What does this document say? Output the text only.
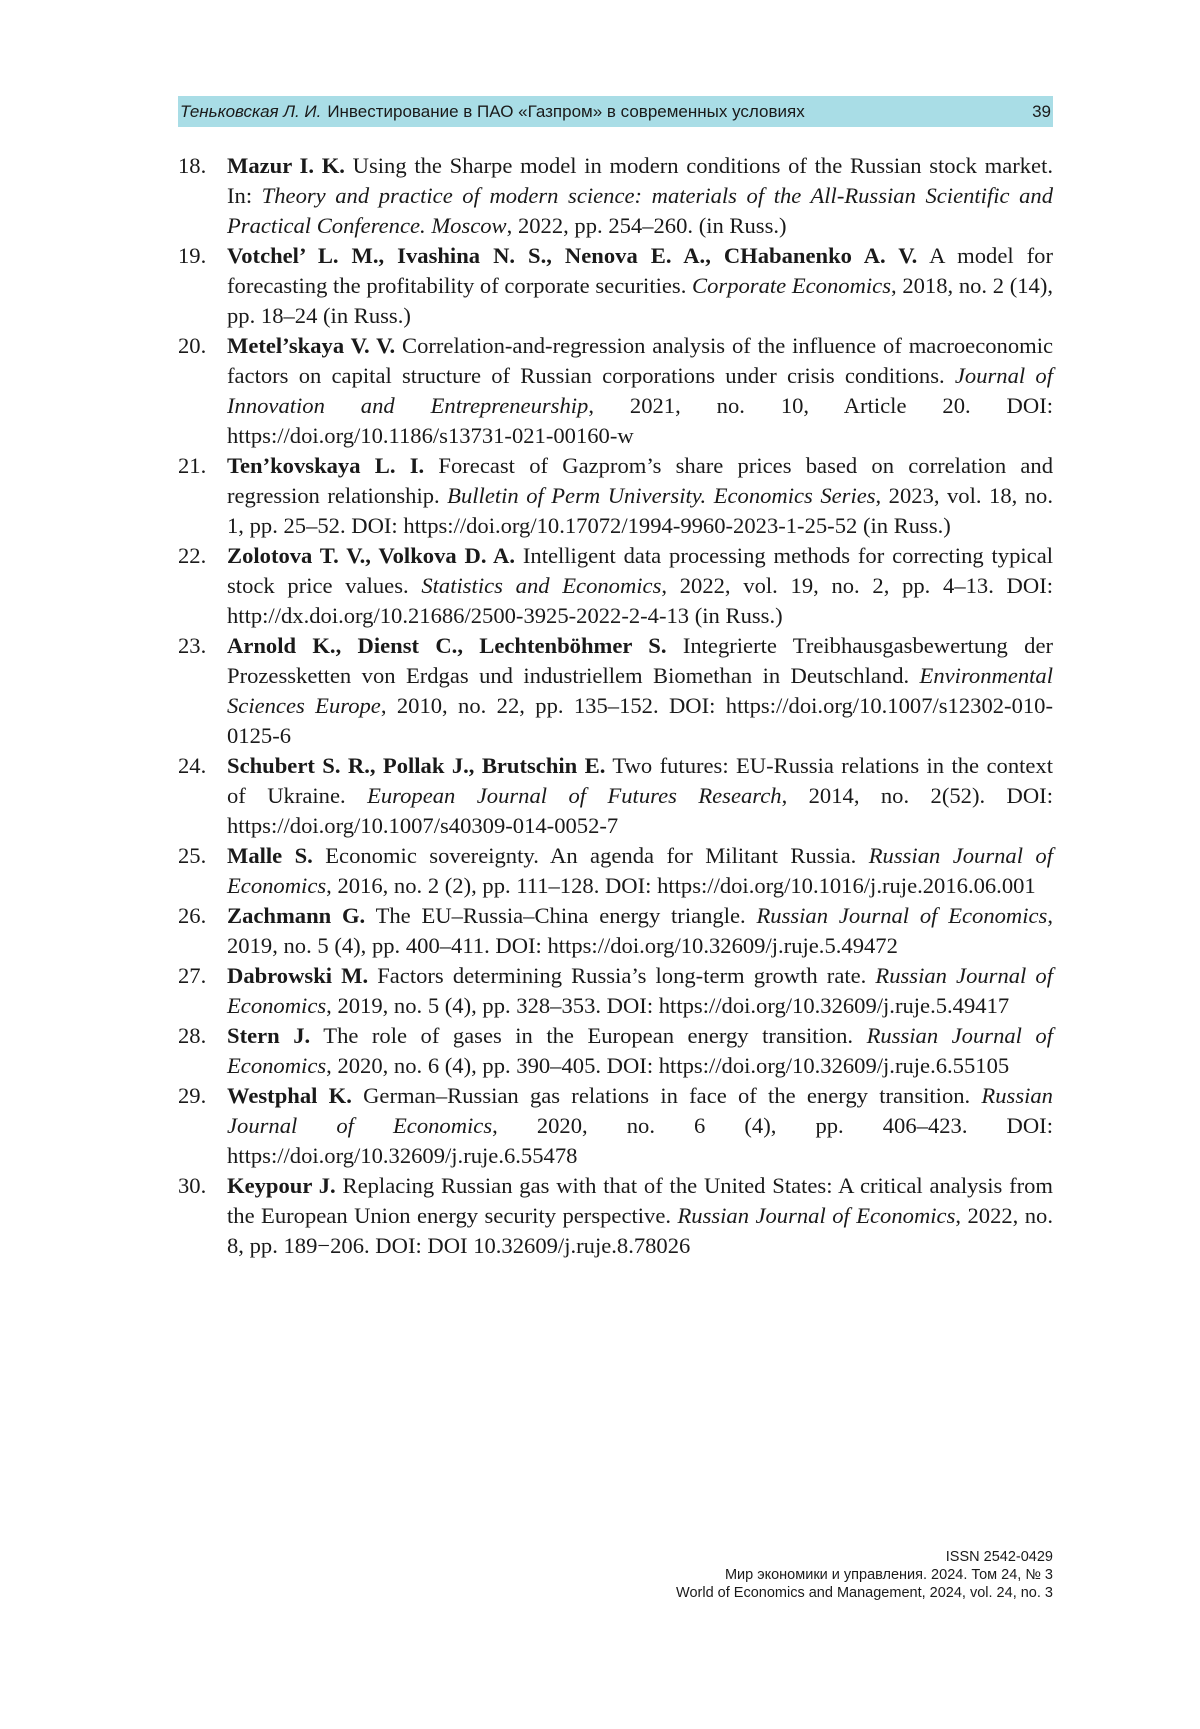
Теньковская Л. И. Инвестирование в ПАО «Газпром» в современных условиях	39
18. Mazur I. K. Using the Sharpe model in modern conditions of the Russian stock market. In: Theory and practice of modern science: materials of the All-Russian Scientific and Practical Conference. Moscow, 2022, pp. 254–260. (in Russ.)
19. Votchel’ L. M., Ivashina N. S., Nenova E. A., CHabanenko A. V. A model for forecasting the profitability of corporate securities. Corporate Economics, 2018, no. 2 (14), pp. 18–24 (in Russ.)
20. Metel’skaya V. V. Correlation-and-regression analysis of the influence of macroeconomic factors on capital structure of Russian corporations under crisis conditions. Journal of Innovation and Entrepreneurship, 2021, no. 10, Article 20. DOI: https://doi.org/10.1186/s13731-021-00160-w
21. Ten’kovskaya L. I. Forecast of Gazprom’s share prices based on correlation and regression relationship. Bulletin of Perm University. Economics Series, 2023, vol. 18, no. 1, pp. 25–52. DOI: https://doi.org/10.17072/1994-9960-2023-1-25-52 (in Russ.)
22. Zolotova T. V., Volkova D. A. Intelligent data processing methods for correcting typical stock price values. Statistics and Economics, 2022, vol. 19, no. 2, pp. 4–13. DOI: http://dx.doi.org/10.21686/2500-3925-2022-2-4-13 (in Russ.)
23. Arnold K., Dienst C., Lechtenböhmer S. Integrierte Treibhausgasbewertung der Prozessketten von Erdgas und industriellem Biomethan in Deutschland. Environmental Sciences Europe, 2010, no. 22, pp. 135–152. DOI: https://doi.org/10.1007/s12302-010-0125-6
24. Schubert S. R., Pollak J., Brutschin E. Two futures: EU-Russia relations in the context of Ukraine. European Journal of Futures Research, 2014, no. 2(52). DOI: https://doi.org/10.1007/s40309-014-0052-7
25. Malle S. Economic sovereignty. An agenda for Militant Russia. Russian Journal of Economics, 2016, no. 2 (2), pp. 111–128. DOI: https://doi.org/10.1016/j.ruje.2016.06.001
26. Zachmann G. The EU–Russia–China energy triangle. Russian Journal of Economics, 2019, no. 5 (4), pp. 400–411. DOI: https://doi.org/10.32609/j.ruje.5.49472
27. Dabrowski M. Factors determining Russia’s long-term growth rate. Russian Journal of Economics, 2019, no. 5 (4), pp. 328–353. DOI: https://doi.org/10.32609/j.ruje.5.49417
28. Stern J. The role of gases in the European energy transition. Russian Journal of Economics, 2020, no. 6 (4), pp. 390–405. DOI: https://doi.org/10.32609/j.ruje.6.55105
29. Westphal K. German–Russian gas relations in face of the energy transition. Russian Journal of Economics, 2020, no. 6 (4), pp. 406–423. DOI: https://doi.org/10.32609/j.ruje.6.55478
30. Keypour J. Replacing Russian gas with that of the United States: A critical analysis from the European Union energy security perspective. Russian Journal of Economics, 2022, no. 8, pp. 189−206. DOI: DOI 10.32609/j.ruje.8.78026
ISSN 2542-0429
Мир экономики и управления. 2024. Том 24, № 3
World of Economics and Management, 2024, vol. 24, no. 3
